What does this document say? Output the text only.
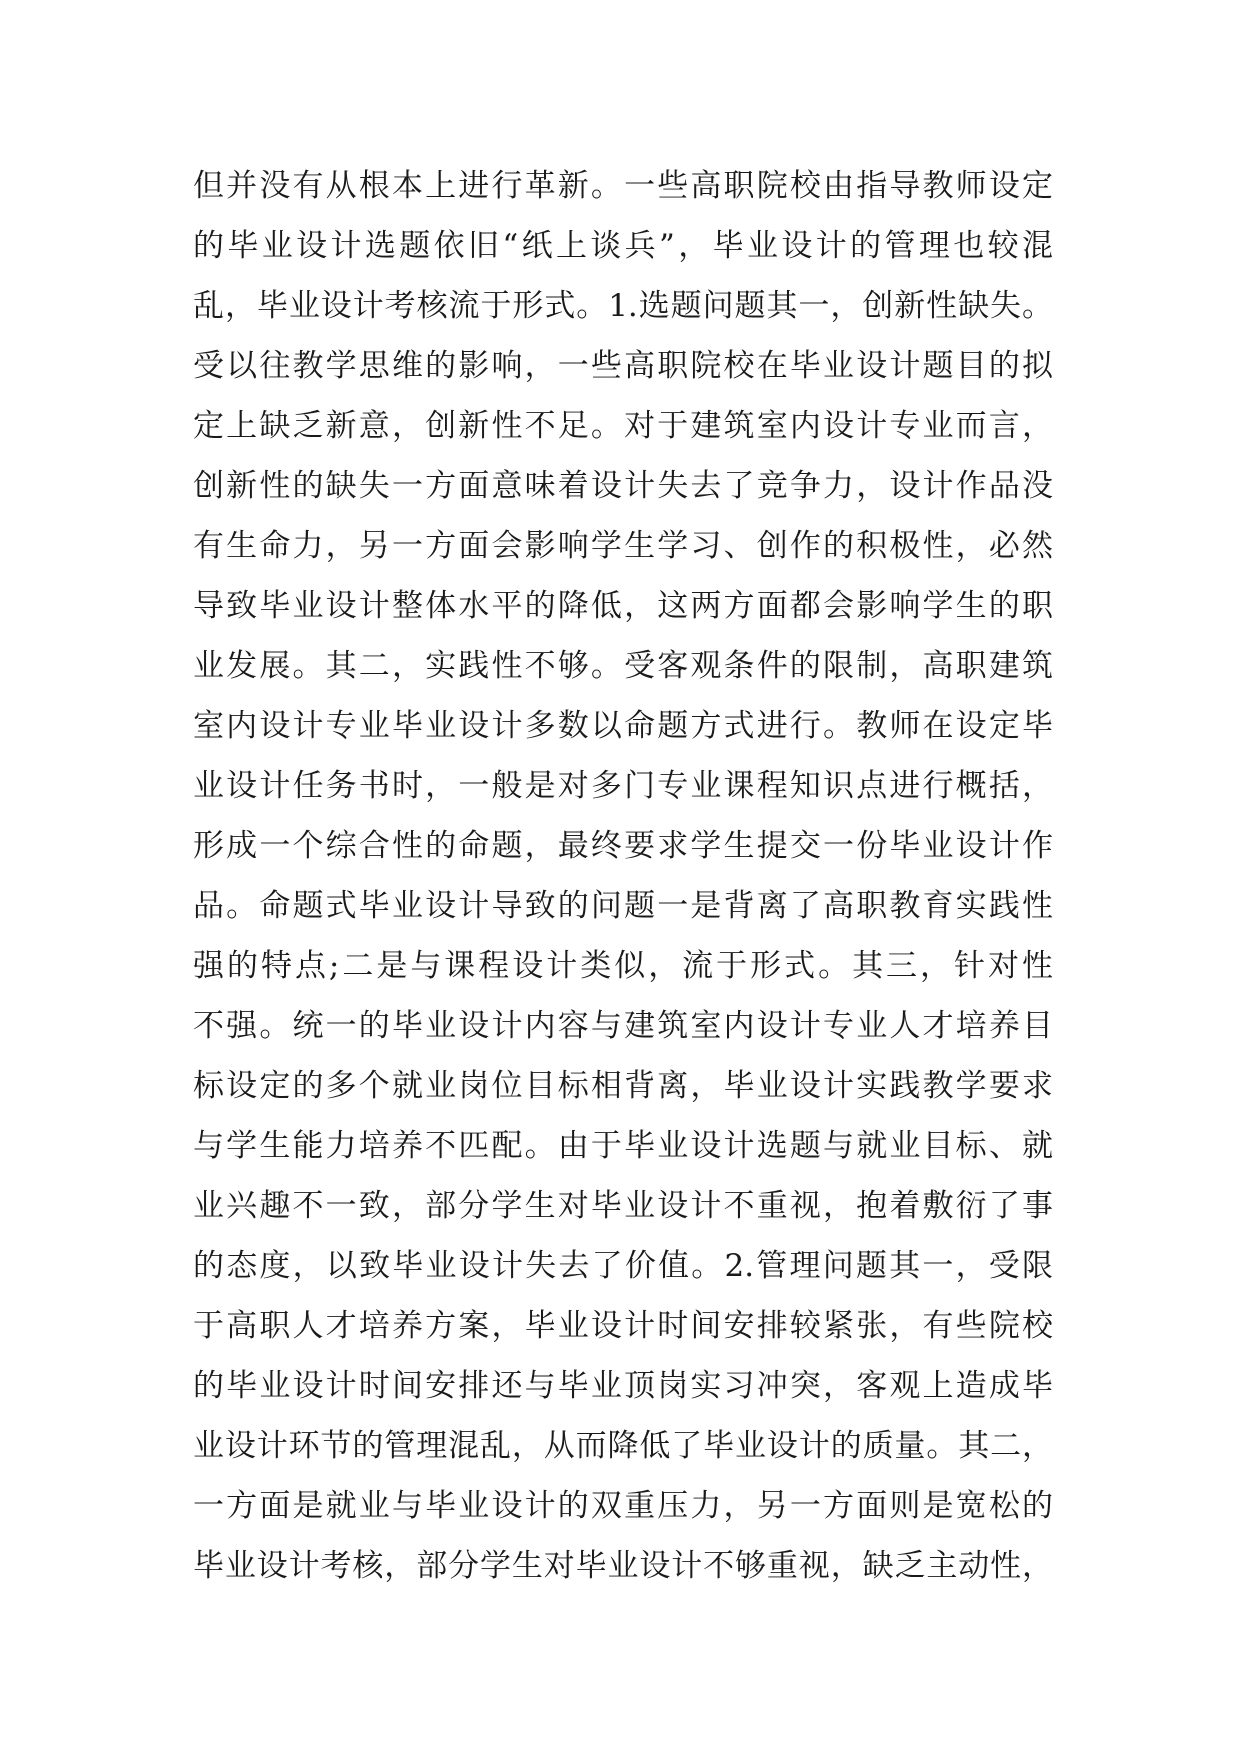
但并没有从根本上进行革新。一些高职院校由指导教师设定
的毕业设计选题依旧“纸上谈兵”，毕业设计的管理也较混
乱，毕业设计考核流于形式。1.选题问题其一，创新性缺失。
受以往教学思维的影响，一些高职院校在毕业设计题目的拟
定上缺乏新意，创新性不足。对于建筑室内设计专业而言，
创新性的缺失一方面意味着设计失去了竞争力，设计作品没
有生命力，另一方面会影响学生学习、创作的积极性，必然
导致毕业设计整体水平的降低，这两方面都会影响学生的职
业发展。其二，实践性不够。受客观条件的限制，高职建筑
室内设计专业毕业设计多数以命题方式进行。教师在设定毕
业设计任务书时，一般是对多门专业课程知识点进行概括，
形成一个综合性的命题，最终要求学生提交一份毕业设计作
品。命题式毕业设计导致的问题一是背离了高职教育实践性
强的特点;二是与课程设计类似，流于形式。其三，针对性
不强。统一的毕业设计内容与建筑室内设计专业人才培养目
标设定的多个就业岗位目标相背离，毕业设计实践教学要求
与学生能力培养不匹配。由于毕业设计选题与就业目标、就
业兴趣不一致，部分学生对毕业设计不重视，抱着敷衍了事
的态度，以致毕业设计失去了价值。2.管理问题其一，受限
于高职人才培养方案，毕业设计时间安排较紧张，有些院校
的毕业设计时间安排还与毕业顶岗实习冲突，客观上造成毕
业设计环节的管理混乱，从而降低了毕业设计的质量。其二，
一方面是就业与毕业设计的双重压力，另一方面则是宽松的
毕业设计考核，部分学生对毕业设计不够重视，缺乏主动性，
